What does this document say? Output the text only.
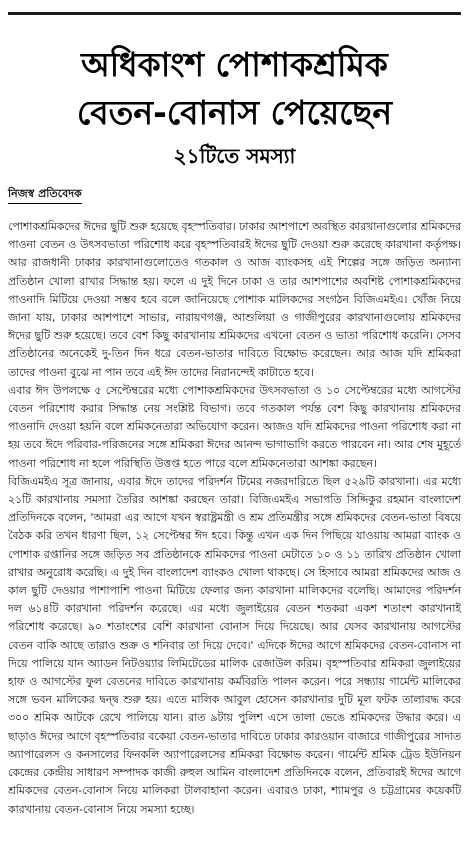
অধিকাংশ পোশাকশ্রমিক
বেতন-বোনাস পেয়েছেন
২১টিতে সমস্যা
নিজস্ব প্রতিবেদক

পোশাকশ্রমিকদের ঈদের ছুটি শুরু হয়েছে বৃহস্পতিবার। ঢাকার আশপাশে অবস্থিত কারখানাগুলোর শ্রমিকদের পাওনা বেতন ও উৎসবভাতা পরিশোধ করে বৃহস্পতিবারই ঈদের ছুটি দেওয়া শুরু করেছে কারখানা কর্তৃপক্ষ। আর রাজধানী ঢাকার কারখানাগুলোতেও গতকাল ও আজ ব্যাংকসহ এই শিল্পের সঙ্গে জড়িত অন্যান্য প্রতিষ্ঠান খোলা রাখার সিদ্ধান্ত হয়। ফলে এ দুই দিনে ঢাকা ও তার আশপাশের অবশিষ্ট পোশাকশ্রমিকদের পাওনাদি মিটিয়ে দেওয়া সম্ভব হবে বলে জানিয়েছে পোশাক মালিকদের সংগঠন বিজিএমইএ। খোঁজ নিয়ে জানা যায়, ঢাকার আশপাশে সাভার, নারায়ণগঞ্জ, আশুলিয়া ও গাজীপুরের কারখানাগুলোয় শ্রমিকদের ঈদের ছুটি শুরু হয়েছে। তবে বেশ কিছু কারখানায় শ্রমিকদের এখনো বেতন ও ভাতা পরিশোধ করেনি। সেসব প্রতিষ্ঠানের অনেকেই দু-তিন দিন ধরে বেতন-ভাতার দাবিতে বিক্ষোভ করেছেন। আর আজ যদি শ্রমিকরা তাদের পাওনা বুঝে না পান তবে এই ঈদ তাদের নিরানন্দেই কাটাতে হবে।

এবার ঈদ উপলক্ষে ৫ সেপ্টেম্বরের মধ্যে পোশাকশ্রমিকদের উৎসবভাতা ও ১০ সেপ্টেম্বরের মধ্যে আগস্টের বেতন পরিশোধ করার সিদ্ধান্ত নেয় সংশ্লিষ্ট বিভাগ। তবে গতকাল পর্যন্ত বেশ কিছু কারখানায় শ্রমিকদের পাওনাদি দেওয়া হয়নি বলে শ্রমিকনেতারা অভিযোগ করেন। আজও যদি শ্রমিকদের পাওনা পরিশোধ করা না হয় তবে ঈদে পরিবার-পরিজনের সঙ্গে শ্রমিকরা ঈদের আনন্দ ভাগাভাগি করতে পারবেন না। আর শেষ মুহূর্তে পাওনা পরিশোধ না হলে পরিস্থিতি উত্তপ্ত হতে পারে বলে শ্রমিকনেতারা আশঙ্কা করছেন।

বিজিএমইএ সূত্র জানায়, এবার ঈদে তাদের পরিদর্শন টিমের নজরদারিতে ছিল ৫২৯টি কারখানা। এর মধ্যে ২১টি কারখানায় সমস্যা তৈরির আশঙ্কা করছেন তারা। বিজিএমইএ সভাপতি সিদ্দিকুর রহমান বাংলাদেশ প্রতিদিনকে বলেন, 'আমরা এর আগে যখন স্বরাষ্ট্রমন্ত্রী ও শ্রম প্রতিমন্ত্রীর সঙ্গে শ্রমিকদের বেতন-ভাতা বিষয়ে বৈঠক করি তখন ধারণা ছিল, ১২ সেপ্টেম্বর ঈদ হবে। কিন্তু এখন এক দিন পিছিয়ে যাওয়ায় আমরা ব্যাংক ও পোশাক রপ্তানির সঙ্গে জড়িত সব প্রতিষ্ঠানকে শ্রমিকদের পাওনা মেটাতে ১০ ও ১১ তারিখ প্রতিষ্ঠান খোলা রাখার অনুরোধ করেছি। এ দুই দিন বাংলাদেশ ব্যাংকও খোলা থাকছে। সে হিসাবে আমরা শ্রমিকদের আজ ও কাল ছুটি দেওয়ার পাশাপাশি পাওনা মিটিয়ে ফেলার জন্য কারখানা মালিকদের বলেছি। আমাদের পরিদর্শন দল ৬১৪টি কারখানা পরিদর্শন করেছে। এর মধ্যে জুলাইয়ের বেতন শতকরা একশ শতাংশ কারখানাই পরিশোধ করেছে। ৯০ শতাংশের বেশি কারখানা বোনাস দিয়ে দিয়েছে। আর যেসব কারখানায় আগস্টের বেতন বাকি আছে তারাও শুক্র ও শনিবার তা দিয়ে দেবে।' এদিকে ঈদের আগে শ্রমিকদের বেতন-বোনাস না দিয়ে পালিয়ে যান অ্যাডন নিটওয়্যার লিমিটেডের মালিক রেজাউল করিম। বৃহস্পতিবার শ্রমিকরা জুলাইয়ের হাফ ও আগস্টের ফুল বেতনের দাবিতে কারখানায় কর্মবিরতি পালন করেন। পরে সন্ধ্যায় গার্মেন্ট মালিকের সঙ্গে ভবন মালিকের দ্বন্দ্ব শুরু হয়। এতে মালিক আবুল হোসেন কারখানার দুটি মূল ফটক তালাবদ্ধ করে ৩০০ শ্রমিক আটকে রেখে পালিয়ে যান। রাত ৯টায় পুলিশ এসে তালা ভেঙে শ্রমিকদের উদ্ধার করে। এ ছাড়াও ঈদের আগে বৃহস্পতিবার বকেয়া বেতন-ভাতার দাবিতে ঢাকার কারওয়ান বাজারে গাজীপুরের সাদাত অ্যাপারেলস ও কনসালের ফিনকলি অ্যাপারেলসের শ্রমিকরা বিক্ষোভ করেন। গার্মেন্ট শ্রমিক ট্রেড ইউনিয়ন কেন্দ্রের কেন্দ্রীয় সাধারণ সম্পাদক কাজী রুহুল আমিন বাংলাদেশ প্রতিদিনকে বলেন, প্রতিবারই ঈদের আগে শ্রমিকদের বেতন-বোনাস নিয়ে মালিকরা টালবাহানা করেন। এবারও ঢাকা, শ্যামপুর ও চট্টগ্রামের কয়েকটি কারখানায় বেতন-বোনাস নিয়ে সমস্যা হচ্ছে।
